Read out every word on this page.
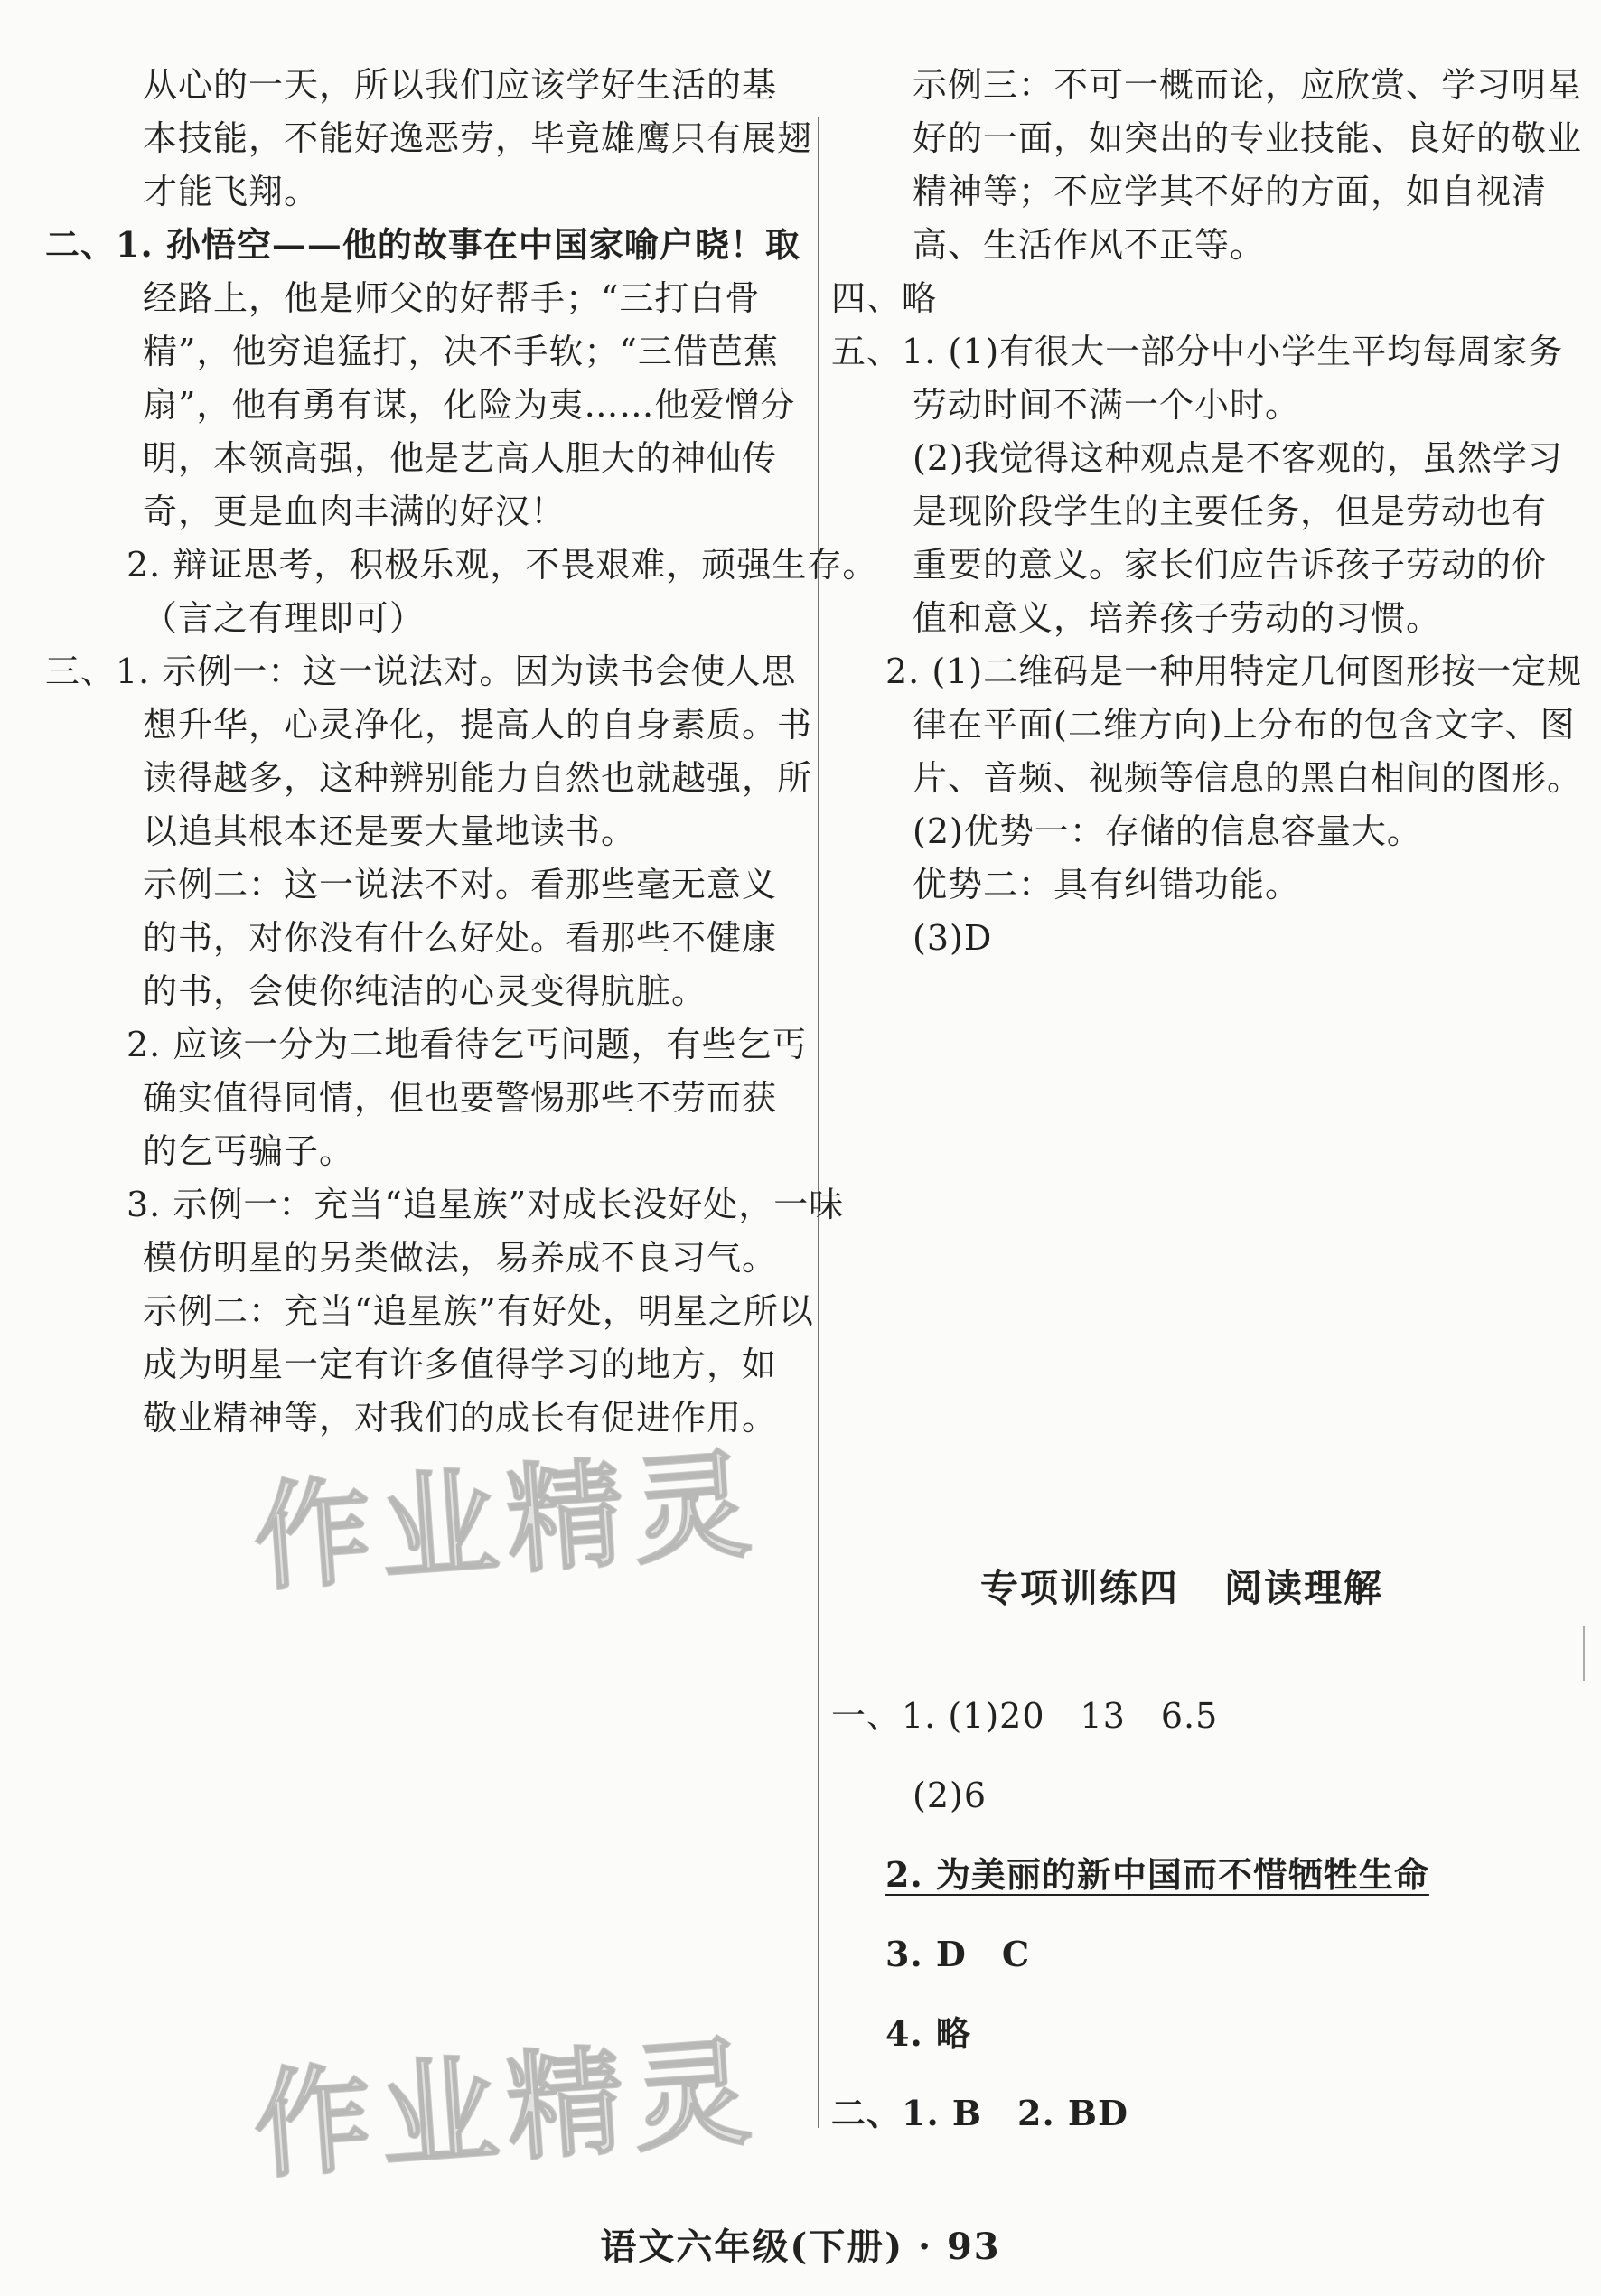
从心的一天，所以我们应该学好生活的基
本技能，不能好逸恶劳，毕竟雄鹰只有展翅
才能飞翔。
二、1. 孙悟空——他的故事在中国家喻户晓！取
经路上，他是师父的好帮手；“三打白骨
精”，他穷追猛打，决不手软；“三借芭蕉
扇”，他有勇有谋，化险为夷……他爱憎分
明，本领高强，他是艺高人胆大的神仙传
奇，更是血肉丰满的好汉！
2. 辩证思考，积极乐观，不畏艰难，顽强生存。
（言之有理即可）
三、1. 示例一：这一说法对。因为读书会使人思
想升华，心灵净化，提高人的自身素质。书
读得越多，这种辨别能力自然也就越强，所
以追其根本还是要大量地读书。
示例二：这一说法不对。看那些毫无意义
的书，对你没有什么好处。看那些不健康
的书，会使你纯洁的心灵变得肮脏。
2. 应该一分为二地看待乞丐问题，有些乞丐
确实值得同情，但也要警惕那些不劳而获
的乞丐骗子。
3. 示例一：充当“追星族”对成长没好处，一味
模仿明星的另类做法，易养成不良习气。
示例二：充当“追星族”有好处，明星之所以
成为明星一定有许多值得学习的地方，如
敬业精神等，对我们的成长有促进作用。
示例三：不可一概而论，应欣赏、学习明星
好的一面，如突出的专业技能、良好的敬业
精神等；不应学其不好的方面，如自视清
高、生活作风不正等。
四、略
五、1. (1)有很大一部分中小学生平均每周家务
劳动时间不满一个小时。
(2)我觉得这种观点是不客观的，虽然学习
是现阶段学生的主要任务，但是劳动也有
重要的意义。家长们应告诉孩子劳动的价
值和意义，培养孩子劳动的习惯。
2. (1)二维码是一种用特定几何图形按一定规
律在平面(二维方向)上分布的包含文字、图
片、音频、视频等信息的黑白相间的图形。
(2)优势一：存储的信息容量大。
优势二：具有纠错功能。
(3)D
专项训练四 阅读理解
一、1. (1)20　13　6.5
(2)6
2. 为美丽的新中国而不惜牺牲生命
3. D　C
4. 略
二、1. B　2. BD
语文六年级(下册) · 93
作业精灵
作业精灵
